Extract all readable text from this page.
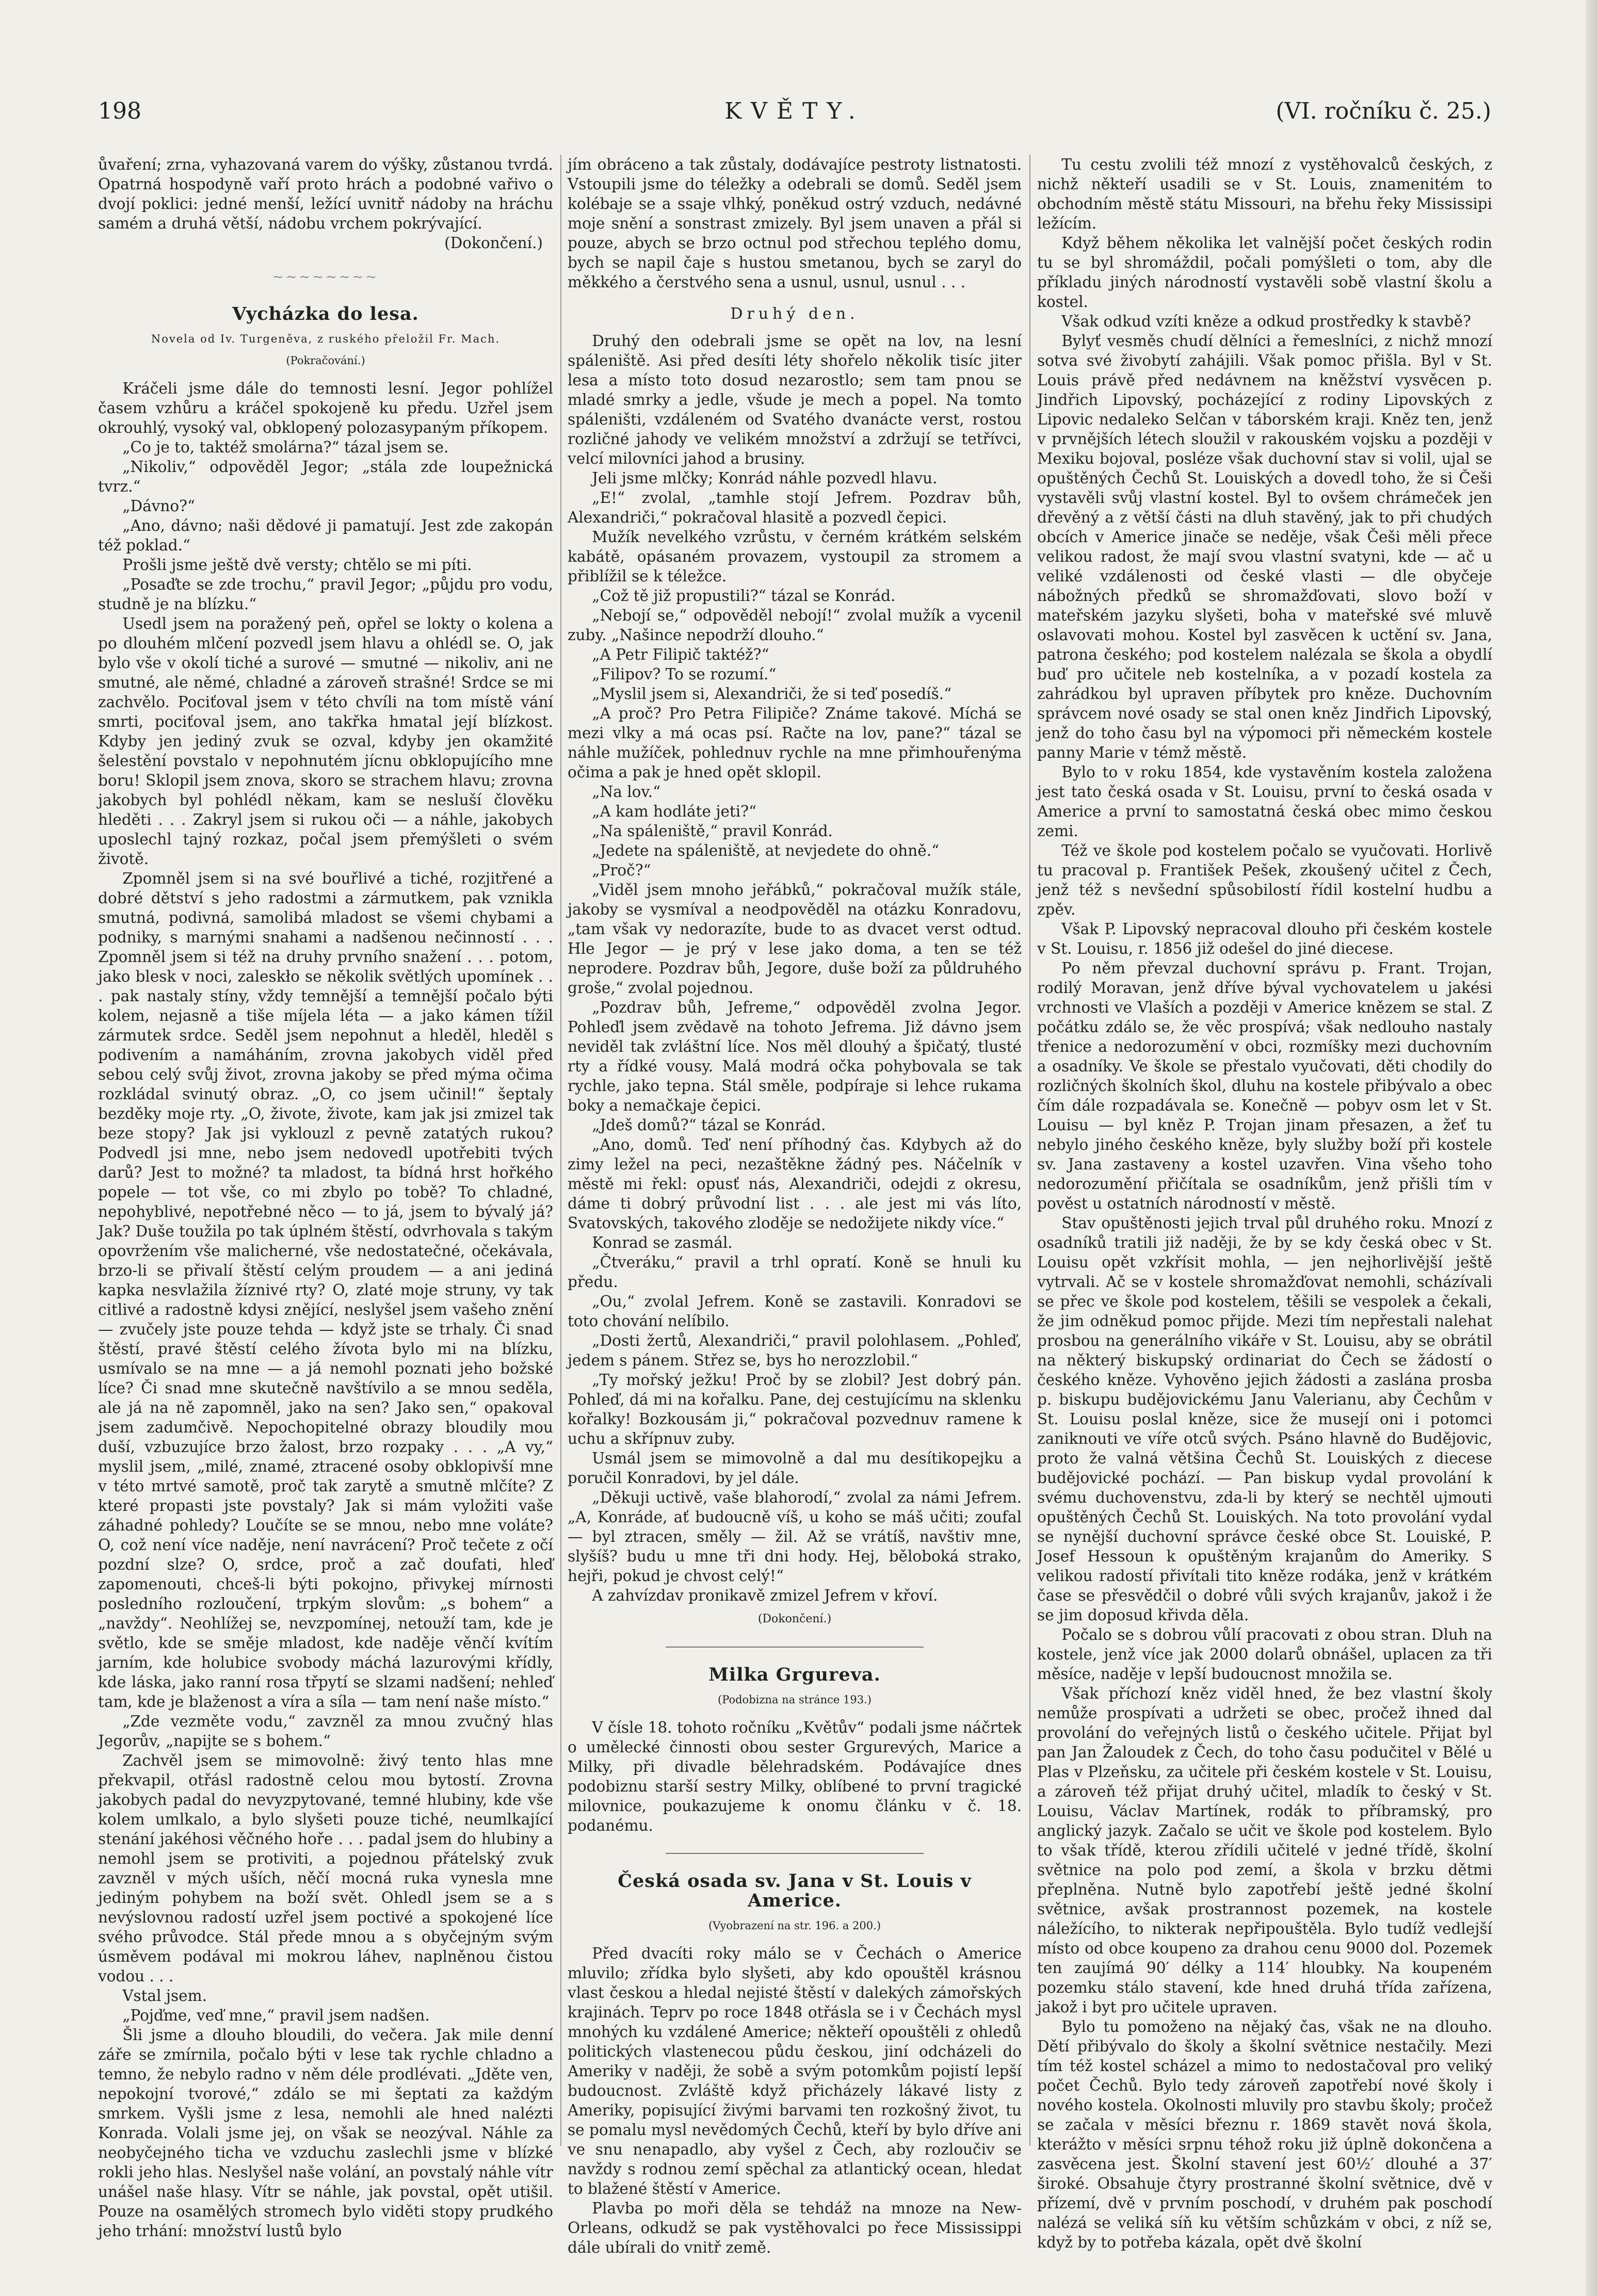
198	KVĚTY.	(VI. ročníku č. 25.)

ůvaření; zrna, vyhazovaná varem do výšky, zůstanou tvrdá. Opatrná hospodyně vaří proto hrách a podobné vařivo o dvojí poklici: jedné menší, ležící uvnitř nádoby na hráchu samém a druhá větší, nádobu vrchem pokrývající.

(Dokončení.)

~~~~~~~~
Vycházka do lesa.
Novela od Iv. Turgeněva, z ruského přeložil Fr. Mach.
(Pokračování.)

Kráčeli jsme dále do temnosti lesní. Jegor pohlížel časem vzhůru a kráčel spokojeně ku předu. Uzřel jsem okrouhlý, vysoký val, obklopený polozasypaným příkopem.

„Co je to, taktéž smolárna?“ tázal jsem se.

„Nikoliv,“ odpověděl Jegor; „stála zde loupežnická tvrz.“

„Dávno?“

„Ano, dávno; naši dědové ji pamatují. Jest zde zakopán též poklad.“

Prošli jsme ještě dvě versty; chtělo se mi píti.

„Posaďte se zde trochu,“ pravil Jegor; „půjdu pro vodu, studně je na blízku.“

Usedl jsem na poražený peň, opřel se lokty o kolena a po dlouhém mlčení pozvedl jsem hlavu a ohlédl se. O, jak bylo vše v okolí tiché a surové — smutné — nikoliv, ani ne smutné, ale němé, chladné a zároveň strašné! Srdce se mi zachvělo. Pociťoval jsem v této chvíli na tom místě vání smrti, pociťoval jsem, ano takřka hmatal její blízkost. Kdyby jen jediný zvuk se ozval, kdyby jen okamžité šelestění povstalo v nepohnutém jícnu obklopujícího mne boru! Sklopil jsem znova, skoro se strachem hlavu; zrovna jakobych byl pohlédl někam, kam se nesluší člověku hleděti . . . Zakryl jsem si rukou oči — a náhle, jakobych uposlechl tajný rozkaz, počal jsem přemýšleti o svém životě.

Zpomněl jsem si na své bouřlivé a tiché, rozjitřené a dobré dětství s jeho radostmi a zármutkem, pak vznikla smutná, podivná, samolibá mladost se všemi chybami a podniky, s marnými snahami a nadšenou nečinností . . . Zpomněl jsem si též na druhy prvního snažení . . . potom, jako blesk v noci, zaleskło se několik světlých upomínek . . . pak nastaly stíny, vždy temnější a temnější počalo býti kolem, nejasně a tiše míjela léta — a jako kámen tížil zármutek srdce. Seděl jsem nepohnut a hleděl, hleděl s podivením a namáháním, zrovna jakobych viděl před sebou celý svůj život, zrovna jakoby se před mýma očima rozkládal svinutý obraz. „O, co jsem učinil!“ šeptaly bezděky moje rty. „O, živote, živote, kam jak jsi zmizel tak beze stopy? Jak jsi vyklouzl z pevně zatatých rukou? Podvedl jsi mne, nebo jsem nedovedl upotřebiti tvých darů? Jest to možné? ta mladost, ta bídná hrst hořkého popele — tot vše, co mi zbylo po tobě? To chladné, nepohyblivé, nepotřebné něco — to já, jsem to bývalý já? Jak? Duše toužila po tak úplném štěstí, odvrhovala s takým opovržením vše malicherné, vše nedostatečné, očekávala, brzo-li se přivalí štěstí celým proudem — a ani jediná kapka nesvlažila žíznivé rty? O, zlaté moje struny, vy tak citlivé a radostně kdysi znějící, neslyšel jsem vašeho znění — zvučely jste pouze tehda — když jste se trhaly. Či snad štěstí, pravé štěstí celého žívota bylo mi na blízku, usmívalo se na mne — a já nemohl poznati jeho božské líce? Či snad mne skutečně navštívilo a se mnou seděla, ale já na ně zapomněl, jako na sen? Jako sen,“ opakoval jsem zadumčivě. Nepochopitelné obrazy bloudily mou duší, vzbuzujíce brzo žalost, brzo rozpaky . . . „A vy,“ myslil jsem, „milé, znamé, ztracené osoby obklopivší mne v této mrtvé samotě, proč tak zarytě a smutně mlčíte? Z které propasti jste povstaly? Jak si mám vyložiti vaše záhadné pohledy? Loučíte se se mnou, nebo mne voláte? O, což není více naděje, není navrácení? Proč tečete z očí pozdní slze? O, srdce, proč a zač doufati, hleď zapomenouti, chceš-li býti pokojno, přivykej mírnosti posledního rozloučení, trpkým slovům: „s bohem“ a „navždy“. Neohlížej se, nevzpomínej, netouží tam, kde je světlo, kde se směje mladost, kde naděje věnčí kvítím jarním, kde holubice svobody máchá lazurovými křídly, kde láska, jako ranní rosa třpytí se slzami nadšení; nehleď tam, kde je blaženost a víra a síla — tam není naše místo.“

„Zde vezměte vodu,“ zavzněl za mnou zvučný hlas Jegorův, „napijte se s bohem.“

Zachvěl jsem se mimovolně: živý tento hlas mne překvapil, otřásl radostně celou mou bytostí. Zrovna jakobych padal do nevyzpytované, temné hlubiny, kde vše kolem umlkalo, a bylo slyšeti pouze tiché, neumlkající stenání jakéhosi věčného hoře . . . padal jsem do hlubiny a nemohl jsem se protiviti, a pojednou přátelský zvuk zavzněl v mých uších, něčí mocná ruka vynesla mne jediným pohybem na boží svět. Ohledl jsem se a s nevýslovnou radostí uzřel jsem poctivé a spokojené líce svého průvodce. Stál přede mnou a s obyčejným svým úsměvem podával mi mokrou láhev, naplněnou čistou vodou . . .

Vstal jsem.

„Pojďme, veď mne,“ pravil jsem nadšen.

Šli jsme a dlouho bloudili, do večera. Jak mile denní záře se zmírnila, počalo býti v lese tak rychle chladno a temno, že nebylo radno v něm déle prodlévati. „Jděte ven, nepokojní tvorové,“ zdálo se mi šeptati za každým smrkem. Vyšli jsme z lesa, nemohli ale hned nalézti Konrada. Volali jsme jej, on však se neozýval. Náhle za neobyčejného ticha ve vzduchu zaslechli jsme v blízké rokli jeho hlas. Neslyšel naše volání, an povstalý náhle vítr unášel naše hlasy. Vítr se náhle, jak povstal, opět utišil. Pouze na osamělých stromech bylo viděti stopy prudkého jeho trhání: množství lustů bylo

jím obráceno a tak zůstaly, dodávajíce pestroty listnatosti. Vstoupili jsme do téležky a odebrali se domů. Seděl jsem kolébaje se a ssaje vlhký, poněkud ostrý vzduch, nedávné moje snění a sonstrast zmizely. Byl jsem unaven a přál si pouze, abych se brzo octnul pod střechou teplého domu, bych se napil čaje s hustou smetanou, bych se zaryl do měkkého a čerstvého sena a usnul, usnul, usnul . . .

Druhý den.

Druhý den odebrali jsme se opět na lov, na lesní spáleniště. Asi před desíti léty shořelo několik tisíc jiter lesa a místo toto dosud nezarostlo; sem tam pnou se mladé smrky a jedle, všude je mech a popel. Na tomto spáleništi, vzdáleném od Svatého dvanácte verst, rostou rozličné jahody ve velikém množství a zdržují se tetřívci, velcí milovníci jahod a brusiny.

Jeli jsme mlčky; Konrád náhle pozvedl hlavu.

„E!“ zvolal, „tamhle stojí Jefrem. Pozdrav bůh, Alexandriči,“ pokračoval hlasitě a pozvedl čepici.

Mužík nevelkého vzrůstu, v černém krátkém selském kabátě, opásaném provazem, vystoupil za stromem a přiblížil se k téležce.

„Což tě již propustili?“ tázal se Konrád.

„Nebojí se,“ odpověděl nebojí!“ zvolal mužík a vycenil zuby. „Našince nepodrží dlouho.“

„A Petr Filipič taktéž?“

„Filipov? To se rozumí.“

„Myslil jsem si, Alexandriči, že si teď posedíš.“

„A proč? Pro Petra Filipiče? Známe takové. Míchá se mezi vlky a má ocas psí. Račte na lov, pane?“ tázal se náhle mužíček, pohlednuv rychle na mne přimhouřenýma očima a pak je hned opět sklopil.

„Na lov.“

„A kam hodláte jeti?“

„Na spáleniště,“ pravil Konrád.

„Jedete na spáleniště, at nevjedete do ohně.“

„Proč?“

„Viděl jsem mnoho jeřábků,“ pokračoval mužík stále, jakoby se vysmíval a neodpověděl na otázku Konradovu, „tam však vy nedorazíte, bude to as dvacet verst odtud. Hle Jegor — je prý v lese jako doma, a ten se též neprodere. Pozdrav bůh, Jegore, duše boží za půldruhého groše,“ zvolal pojednou.

„Pozdrav bůh, Jefreme,“ odpověděl zvolna Jegor. Pohleďl jsem zvědavě na tohoto Jefrema. Již dávno jsem neviděl tak zvláštní líce. Nos měl dlouhý a špičatý, tlusté rty a řídké vousy. Malá modrá očka pohybovala se tak rychle, jako tepna. Stál směle, podpíraje si lehce rukama boky a nemačkaje čepici.

„Jdeš domů?“ tázal se Konrád.

„Ano, domů. Teď není příhodný čas. Kdybych až do zimy ležel na peci, nezaštěkne žádný pes. Náčelník v městě mi řekl: opusť nás, Alexandriči, odejdi z okresu, dáme ti dobrý průvodní list . . . ale jest mi vás líto, Svatovských, takového zloděje se nedožijete nikdy více.“

Konrad se zasmál.

„Čtveráku,“ pravil a trhl opratí. Koně se hnuli ku předu.

„Ou,“ zvolal Jefrem. Koně se zastavili. Konradovi se toto chování nelíbilo.

„Dosti žertů, Alexandriči,“ pravil polohlasem. „Pohleď, jedem s pánem. Střez se, bys ho nerozzlobil.“

„Ty mořský ježku! Proč by se zlobil? Jest dobrý pán. Pohleď, dá mi na kořalku. Pane, dej cestujícímu na sklenku kořalky! Bozkousám ji,“ pokračoval pozvednuv ramene k uchu a skřípnuv zuby.

Usmál jsem se mimovolně a dal mu desítikopejku a poručil Konradovi, by jel dále.

„Děkuji uctivě, vaše blahorodí,“ zvolal za námi Jefrem. „A, Konráde, ať budoucně víš, u koho se máš učiti; zoufal — byl ztracen, směly — žil. Až se vrátíš, navštiv mne, slyšíš? budu u mne tři dni hody. Hej, běloboká strako, hejři, pokud je chvost celý!“

A zahvízdav pronikavě zmizel Jefrem v křoví.

(Dokončení.)
Milka Grgureva.
(Podobizna na stránce 193.)

V čísle 18. tohoto ročníku „Květův“ podali jsme náčrtek o umělecké činnosti obou sester Grgurevých, Marice a Milky, při divadle bělehradském. Podávajíce dnes podobiznu starší sestry Milky, oblíbené to první tragické milovnice, poukazujeme k onomu článku v č. 18. podanému.

Česká osada sv. Jana v St. Louis v Americe.
(Vyobrazení na str. 196. a 200.)

Před dvacíti roky málo se v Čechách o Americe mluvilo; zřídka bylo slyšeti, aby kdo opouštěl krásnou vlast českou a hledal nejisté štěstí v dalekých zámořských krajinách. Teprv po roce 1848 otřásla se i v Čechách mysl mnohých ku vzdálené Americe; někteří opouštěli z ohledů politických vlastenecou půdu českou, jiní odcházeli do Ameriky v naději, že sobě a svým potomkům pojistí lepší budoucnost. Zvláště když přicházely lákavé listy z Ameriky, popisující živými barvami ten rozkošný život, tu se pomalu mysl nevědomých Čechů, kteří by bylo dříve ani ve snu nenapadlo, aby vyšel z Čech, aby rozloučiv se navždy s rodnou zemí spěchal za atlantický ocean, hledat to blažené štěstí v Americe.

Plavba po moři děla se tehdáž na mnoze na New-Orleans, odkudž se pak vystěhovalci po řece Mississippi dále ubírali do vnitř země.

Tu cestu zvolili též mnozí z vystěhovalců českých, z nichž někteří usadili se v St. Louis, znamenitém to obchodním městě státu Missouri, na břehu řeky Mississipi ležícím.

Když během několika let valnější počet českých rodin tu se byl shromáždil, počali pomýšleti o tom, aby dle příkladu jiných národností vystavěli sobě vlastní školu a kostel.

Však odkud vzíti kněze a odkud prostředky k stavbě?

Bylyť vesměs chudí dělníci a řemeslníci, z nichž mnozí sotva své živobytí zahájili. Však pomoc přišla. Byl v St. Louis právě před nedávnem na kněžství vysvěcen p. Jindřich Lipovský, pocházející z rodiny Lipovských z Lipovic nedaleko Selčan v táborském kraji. Kněz ten, jenž v prvnějších létech sloužil v rakouském vojsku a později v Mexiku bojoval, posléze však duchovní stav si volil, ujal se opuštěných Čechů St. Louiských a dovedl toho, že si Češi vystavěli svůj vlastní kostel. Byl to ovšem chrámeček jen dřevěný a z větší části na dluh stavěný, jak to při chudých obcích v Americe jinače se neděje, však Češi měli přece velikou radost, že mají svou vlastní svatyni, kde — ač u veliké vzdálenosti od české vlasti — dle obyčeje nábožných předků se shromažďovati, slovo boží v mateřském jazyku slyšeti, boha v mateřské své mluvě oslavovati mohou. Kostel byl zasvěcen k uctění sv. Jana, patrona českého; pod kostelem nalézala se škola a obydlí buď pro učitele neb kostelníka, a v pozadí kostela za zahrádkou byl upraven příbytek pro kněze. Duchovním správcem nové osady se stal onen kněz Jindřich Lipovský, jenž do toho času byl na výpomoci při německém kostele panny Marie v témž městě.

Bylo to v roku 1854, kde vystavěním kostela založena jest tato česká osada v St. Louisu, první to česká osada v Americe a první to samostatná česká obec mimo českou zemi.

Též ve škole pod kostelem počalo se vyučovati. Horlivě tu pracoval p. František Pešek, zkoušený učitel z Čech, jenž též s nevšední spůsobilostí řídil kostelní hudbu a zpěv.

Však P. Lipovský nepracoval dlouho při českém kostele v St. Louisu, r. 1856 již odešel do jiné diecese.

Po něm převzal duchovní správu p. Frant. Trojan, rodilý Moravan, jenž dříve býval vychovatelem u jakési vrchnosti ve Vlaších a později v Americe knězem se stal. Z počátku zdálo se, že věc prospívá; však nedlouho nastaly třenice a nedorozumění v obci, rozmíšky mezi duchovním a osadníky. Ve škole se přestalo vyučovati, děti chodily do rozličných školních škol, dluhu na kostele přibývalo a obec čím dále rozpadávala se. Konečně — pobyv osm let v St. Louisu — byl kněz P. Trojan jinam přesazen, a žeť tu nebylo jiného českého kněze, byly služby boží při kostele sv. Jana zastaveny a kostel uzavřen. Vina všeho toho nedorozumění přičítala se osadníkům, jenž přišli tím v pověst u ostatních národností v městě.

Stav opuštěnosti jejich trval půl druhého roku. Mnozí z osadníků tratili již naději, že by se kdy česká obec v St. Louisu opět vzkřísit mohla, — jen nejhorlivější ještě vytrvali. Ač se v kostele shromažďovat nemohli, scházívali se přec ve škole pod kostelem, těšili se vespolek a čekali, že jim odněkud pomoc přijde. Mezi tím nepřestali nalehat prosbou na generálního vikáře v St. Louisu, aby se obrátil na některý biskupský ordinariat do Čech se žádostí o českého kněze. Vyhověno jejich žádosti a zaslána prosba p. biskupu budějovickému Janu Valerianu, aby Čechům v St. Louisu poslal kněze, sice že musejí oni i potomci zaniknouti ve víře otců svých. Psáno hlavně do Budějovic, proto že valná většina Čechů St. Louiských z diecese budějovické pochází. — Pan biskup vydal provolání k svému duchovenstvu, zda-li by který se nechtěl ujmouti opuštěných Čechů St. Louiských. Na toto provolání vydal se nynější duchovní správce české obce St. Louiské, P. Josef Hessoun k opuštěným krajanům do Ameriky. S velikou radostí přivítali tito kněze rodáka, jenž v krátkém čase se přesvědčil o dobré vůli svých krajanův, jakož i že se jim doposud křivda děla.

Počalo se s dobrou vůlí pracovati z obou stran. Dluh na kostele, jenž více jak 2000 dolarů obnášel, uplacen za tři měsíce, naděje v lepší budoucnost množila se.

Však příchozí kněz viděl hned, že bez vlastní školy nemůže prospívati a udržeti se obec, pročež ihned dal provolání do veřejných listů o českého učitele. Přijat byl pan Jan Žaloudek z Čech, do toho času podučitel v Bělé u Plas v Plzeňsku, za učitele při českém kostele v St. Louisu, a zároveň též přijat druhý učitel, mladík to český v St. Louisu, Václav Martínek, rodák to příbramský, pro anglický jazyk. Začalo se učit ve škole pod kostelem. Bylo to však třídě, kterou zřídili učitelé v jedné třídě, školní světnice na polo pod zemí, a škola v brzku dětmi přeplněna. Nutně bylo zapotřebí ještě jedné školní světnice, avšak prostrannost pozemek, na kostele náležícího, to nikterak nepřipouštěla. Bylo tudíž vedlejší místo od obce koupeno za drahou cenu 9000 dol. Pozemek ten zaujímá 90′ délky a 114′ hloubky. Na koupeném pozemku stálo stavení, kde hned druhá třída zařízena, jakož i byt pro učitele upraven.

Bylo tu pomoženo na nějaký čas, však ne na dlouho. Dětí přibývalo do školy a školní světnice nestačily. Mezi tím též kostel scházel a mimo to nedostačoval pro veliký počet Čechů. Bylo tedy zároveň zapotřebí nové školy i nového kostela. Okolnosti mluvily pro stavbu školy; pročež se začala v měsíci březnu r. 1869 stavět nová škola, kterážto v měsíci srpnu téhož roku již úplně dokončena a zasvěcena jest. Školní stavení jest 60½′ dlouhé a 37′ široké. Obsahuje čtyry prostranné školní světnice, dvě v přízemí, dvě v prvním poschodí, v druhém pak poschodí nalézá se veliká síň ku větším schůzkám v obci, z níž se, když by to potřeba kázala, opět dvě školní
